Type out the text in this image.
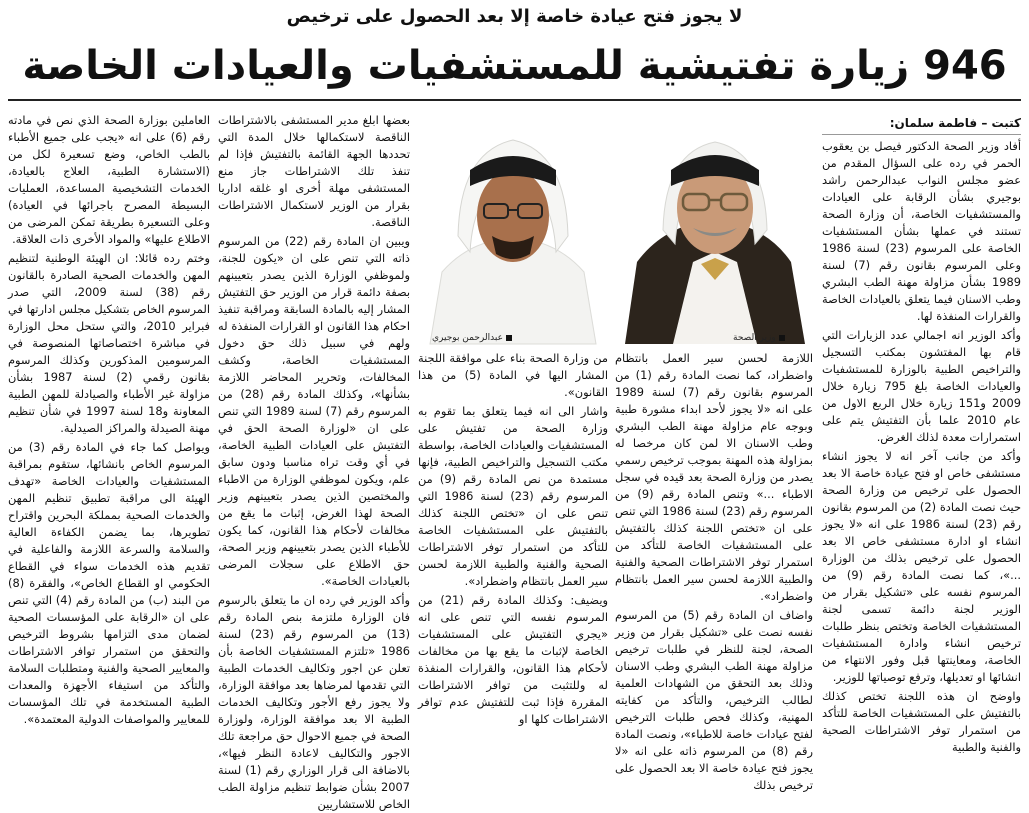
لا يجوز فتح عيادة خاصة إلا بعد الحصول على ترخيص
946 زيارة تفتيشية للمستشفيات والعيادات الخاصة
كتبت – فاطمة سلمان:

أفاد وزير الصحة الدكتور فيصل بن يعقوب الحمر في رده على السؤال المقدم من عضو مجلس النواب عبدالرحمن راشد بوجيري بشأن الرقابة على العيادات والمستشفيات الخاصة، أن وزارة الصحة تستند في عملها بشأن المستشفيات الخاصة على المرسوم (23) لسنة 1986 وعلى المرسوم بقانون رقم (7) لسنة 1989 بشأن مزاولة مهنة الطب البشري وطب الاسنان فيما يتعلق بالعيادات الخاصة والقرارات المنفذة لها.

وأكد الوزير انه اجمالي عدد الزيارات التي قام بها المفتشون بمكتب التسجيل والتراخيص الطبية بالوزارة للمستشفيات والعيادات الخاصة بلغ 795 زيارة خلال 2009 و151 زيارة خلال الربع الاول من عام 2010 علما بأن التفتيش يتم على استمرارات معدة لذلك الغرض.

وأكد من جانب آخر انه لا يجوز انشاء مستشفى خاص او فتح عيادة خاصة الا بعد الحصول على ترخيص من وزارة الصحة حيث نصت المادة (2) من المرسوم بقانون رقم (23) لسنة 1986 على انه «لا يجوز انشاء او ادارة مستشفى خاص الا بعد الحصول على ترخيص بذلك من الوزارة ...»، كما نصت المادة رقم (9) من المرسوم نفسه على «تشكيل بقرار من الوزير لجنة دائمة تسمى لجنة المستشفيات الخاصة وتختص بنظر طلبات ترخيص انشاء وادارة المستشفيات الخاصة، ومعاينتها قبل وفور الانتهاء من انشائها او تعديلها، وترفع توصياتها للوزير.

واوضح ان هذه اللجنة تختص كذلك بالتفتيش على المستشفيات الخاصة للتأكد من استمرار توفر الاشتراطات الصحية والفنية والطبية

وزير الصحة
عبدالرحمن بوجيري

اللازمة لحسن سير العمل بانتظام واضطراد، كما نصت المادة رقم (1) من المرسوم بقانون رقم (7) لسنة 1989 على انه «لا يجوز لأحد ابداء مشورة طبية وبوجه عام مزاولة مهنة الطب البشري وطب الاسنان الا لمن كان مرخصا له بمزاولة هذه المهنة بموجب ترخيص رسمي يصدر من وزارة الصحة بعد قيده في سجل الاطباء ...» وتنص المادة رقم (9) من المرسوم رقم (23) لسنة 1986 التي تنص على ان «تختص اللجنة كذلك بالتفتيش على المستشفيات الخاصة للتأكد من استمرار توفر الاشتراطات الصحية والفنية والطبية اللازمة لحسن سير العمل بانتظام واضطراد».

واضاف ان المادة رقم (5) من المرسوم نفسه نصت على «تشكيل بقرار من وزير الصحة، لجنة للنظر في طلبات ترخيص مزاولة مهنة الطب البشري وطب الاسنان وذلك بعد التحقق من الشهادات العلمية لطالب الترخيص، والتأكد من كفايته المهنية، وكذلك فحص طلبات الترخيص لفتح عيادات خاصة للاطباء»، ونصت المادة رقم (8) من المرسوم ذاته على انه «لا يجوز فتح عيادة خاصة الا بعد الحصول على ترخيص بذلك

من وزارة الصحة بناء على موافقة اللجنة المشار اليها في المادة (5) من هذا القانون».

واشار الى انه فيما يتعلق بما تقوم به وزارة الصحة من تفتيش على المستشفيات والعيادات الخاصة، بواسطة مكتب التسجيل والتراخيص الطبية، فإنها مستمدة من نص المادة رقم (9) من المرسوم رقم (23) لسنة 1986 التي تنص على ان «تختص اللجنة كذلك بالتفتيش على المستشفيات الخاصة للتأكد من استمرار توفر الاشتراطات الصحية والفنية والطبية اللازمة لحسن سير العمل بانتظام واضطراد».

ويضيف: وكذلك المادة رقم (21) من المرسوم نفسه التي تنص على انه «يجري التفتيش على المستشفيات الخاصة لإثبات ما يقع بها من مخالفات لأحكام هذا القانون، والقرارات المنفذة له وللتثبت من توافر الاشتراطات المقررة فإذا ثبت للتفتيش عدم توافر الاشتراطات كلها او

بعضها ابلغ مدير المستشفى بالاشتراطات الناقصة لاستكمالها خلال المدة التي تحددها الجهة القائمة بالتفتيش فإذا لم تنفذ تلك الاشتراطات جاز منع المستشفى مهلة أخرى او غلقه اداريا بقرار من الوزير لاستكمال الاشتراطات الناقصة.

ويبين ان المادة رقم (22) من المرسوم ذاته التي تنص على ان «يكون للجنة، ولموظفي الوزارة الذين يصدر بتعيينهم بصفة دائمة قرار من الوزير حق التفتيش المشار إليه بالمادة السابقة ومراقبة تنفيذ احكام هذا القانون او القرارات المنفذة له ولهم في سبيل ذلك حق دخول المستشفيات الخاصة، وكشف المخالفات، وتحرير المحاضر اللازمة بشأنها»، وكذلك المادة رقم (28) من المرسوم رقم (7) لسنة 1989 التي تنص على ان «لوزارة الصحة الحق في التفتيش على العيادات الطبية الخاصة، في أي وقت تراه مناسبا ودون سابق علم، ويكون لموظفي الوزارة من الاطباء والمختصين الذين يصدر بتعيينهم وزير الصحة لهذا الغرض، إثبات ما يقع من مخالفات لأحكام هذا القانون، كما يكون للأطباء الذين يصدر بتعيينهم وزير الصحة، حق الاطلاع على سجلات المرضى بالعيادات الخاصة».

وأكد الوزير في رده ان ما يتعلق بالرسوم فان الوزارة ملتزمة بنص المادة رقم (13) من المرسوم رقم (23) لسنة 1986 «تلتزم المستشفيات الخاصة بأن تعلن عن اجور وتكاليف الخدمات الطبية التي تقدمها لمرضاها بعد موافقة الوزارة، ولا يجوز رفع الأجور وتكاليف الخدمات الطبية الا بعد موافقة الوزارة، ولوزارة الصحة في جميع الاحوال حق مراجعة تلك الاجور والتكاليف لاعادة النظر فيها»، بالاضافة الى قرار الوزاري رقم (1) لسنة 2007 بشأن ضوابط تنظيم مزاولة الطب الخاص للاستشاريين

العاملين بوزارة الصحة الذي نص في مادته رقم (6) على انه «يجب على جميع الأطباء بالطب الخاص، وضع تسعيرة لكل من (الاستشارة الطبية، العلاج بالعيادة، الخدمات التشخيصية المساعدة، العمليات البسيطة المصرح باجرائها في العيادة) وعلى التسعيرة بطريقة تمكن المرضى من الاطلاع عليها» والمواد الأخرى ذات العلاقة.

وختم رده قائلا: ان الهيئة الوطنية لتنظيم المهن والخدمات الصحية الصادرة بالقانون رقم (38) لسنة 2009، التي صدر المرسوم الخاص بتشكيل مجلس ادارتها في فبراير 2010، والتي ستحل محل الوزارة في مباشرة اختصاصاتها المنصوصة في المرسومين المذكورين وكذلك المرسوم بقانون رقمي (2) لسنة 1987 بشأن مزاولة غير الأطباء والصيادلة للمهن الطبية المعاونة و18 لسنة 1997 في شأن تنظيم مهنة الصيدلة والمراكز الصيدلية.

ويواصل كما جاء في المادة رقم (3) من المرسوم الخاص بانشائها، ستقوم بمراقبة المستشفيات والعيادات الخاصة «تهدف الهيئة الى مراقبة تطبيق تنظيم المهن والخدمات الصحية بمملكة البحرين واقتراح تطويرها، بما يضمن الكفاءة العالية والسلامة والسرعة اللازمة والفاعلية في تقديم هذه الخدمات سواء في القطاع الحكومي او القطاع الخاص»، والفقرة (8) من البند (ب) من المادة رقم (4) التي تنص على ان «الرقابة على المؤسسات الصحية لضمان مدى التزامها بشروط الترخيص والتحقق من استمرار توافر الاشتراطات والمعايير الصحية والفنية ومتطلبات السلامة والتأكد من استيفاء الأجهزة والمعدات الطبية المستخدمة في تلك المؤسسات للمعايير والمواصفات الدولية المعتمدة».
